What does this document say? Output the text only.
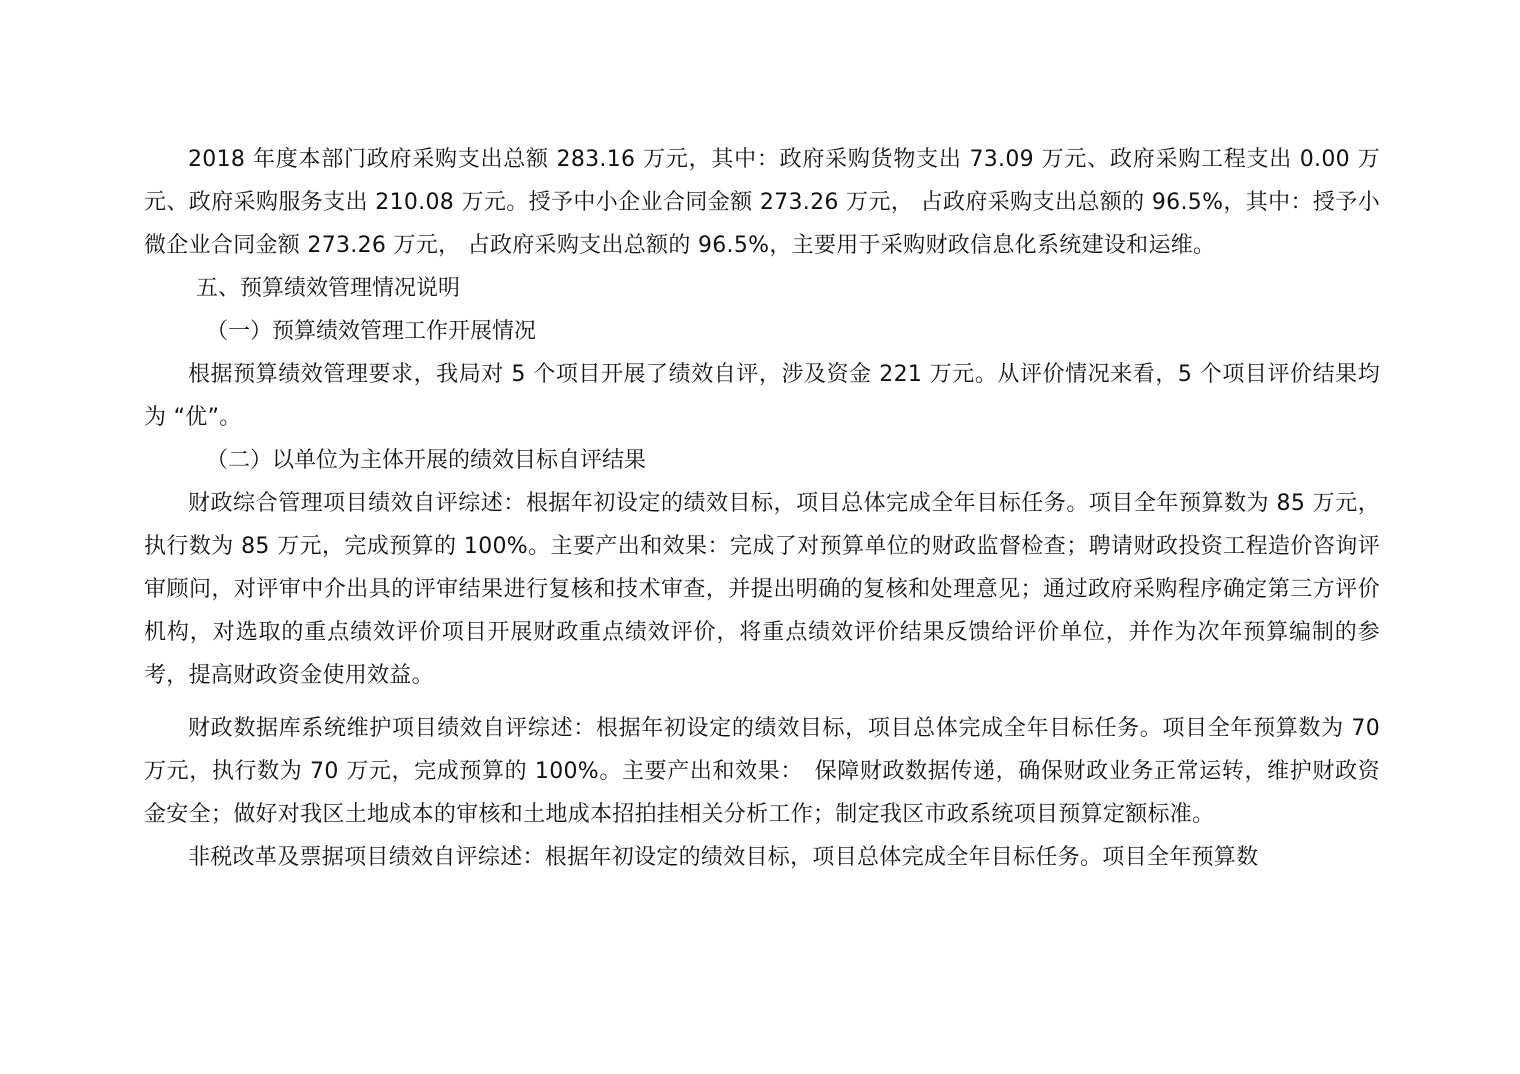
2018 年度本部门政府采购支出总额 283.16 万元，其中：政府采购货物支出 73.09 万元、政府采购工程支出 0.00 万元、政府采购服务支出 210.08 万元。授予中小企业合同金额 273.26 万元， 占政府采购支出总额的 96.5%，其中：授予小微企业合同金额 273.26 万元， 占政府采购支出总额的 96.5%，主要用于采购财政信息化系统建设和运维。

五、预算绩效管理情况说明

（一）预算绩效管理工作开展情况

根据预算绩效管理要求，我局对 5 个项目开展了绩效自评，涉及资金 221 万元。从评价情况来看，5 个项目评价结果均为 “优”。

（二）以单位为主体开展的绩效目标自评结果

财政综合管理项目绩效自评综述：根据年初设定的绩效目标，项目总体完成全年目标任务。项目全年预算数为 85 万元，执行数为 85 万元，完成预算的 100%。主要产出和效果：完成了对预算单位的财政监督检查；聘请财政投资工程造价咨询评审顾问，对评审中介出具的评审结果进行复核和技术审查，并提出明确的复核和处理意见；通过政府采购程序确定第三方评价机构，对选取的重点绩效评价项目开展财政重点绩效评价，将重点绩效评价结果反馈给评价单位，并作为次年预算编制的参考，提高财政资金使用效益。

财政数据库系统维护项目绩效自评综述：根据年初设定的绩效目标，项目总体完成全年目标任务。项目全年预算数为 70 万元，执行数为 70 万元，完成预算的 100%。主要产出和效果：　保障财政数据传递，确保财政业务正常运转，维护财政资金安全；做好对我区土地成本的审核和土地成本招拍挂相关分析工作；制定我区市政系统项目预算定额标准。

非税改革及票据项目绩效自评综述：根据年初设定的绩效目标，项目总体完成全年目标任务。项目全年预算数
